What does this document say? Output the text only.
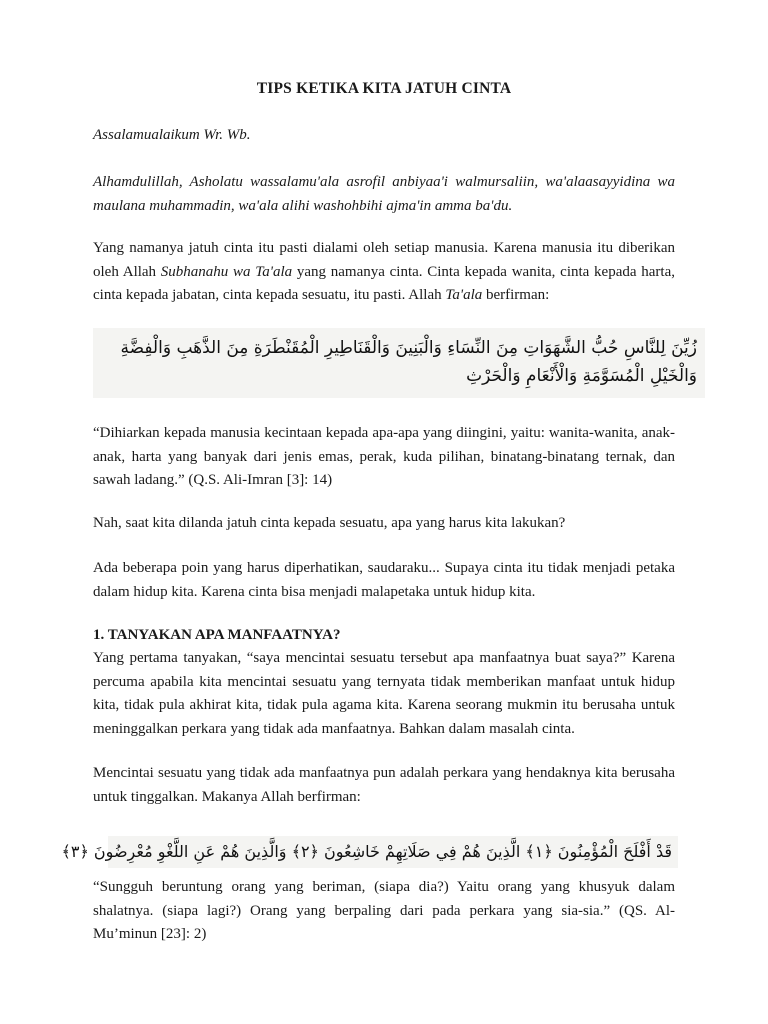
TIPS KETIKA KITA JATUH CINTA
Assalamualaikum Wr. Wb.
Alhamdulillah, Asholatu wassalamu'ala asrofil anbiyaa'i walmursaliin, wa'alaasayyidina wa maulana muhammadin, wa'ala alihi washohbihi ajma'in amma ba'du.
Yang namanya jatuh cinta itu pasti dialami oleh setiap manusia. Karena manusia itu diberikan oleh Allah Subhanahu wa Ta'ala yang namanya cinta. Cinta kepada wanita, cinta kepada harta, cinta kepada jabatan, cinta kepada sesuatu, itu pasti. Allah Ta'ala berfirman:
زُيِّنَ لِلنَّاسِ حُبُّ الشَّهَوَاتِ مِنَ النِّسَاءِ وَالْبَنِينَ وَالْقَنَاطِيرِ الْمُقَنْطَرَةِ مِنَ الذَّهَبِ وَالْفِضَّةِ وَالْخَيْلِ الْمُسَوَّمَةِ وَالْأَنْعَامِ وَالْحَرْثِ
“Dihiarkan kepada manusia kecintaan kepada apa-apa yang diingini, yaitu: wanita-wanita, anak-anak, harta yang banyak dari jenis emas, perak, kuda pilihan, binatang-binatang ternak, dan sawah ladang.” (Q.S. Ali-Imran [3]: 14)
Nah, saat kita dilanda jatuh cinta kepada sesuatu, apa yang harus kita lakukan?
Ada beberapa poin yang harus diperhatikan, saudaraku... Supaya cinta itu tidak menjadi petaka dalam hidup kita. Karena cinta bisa menjadi malapetaka untuk hidup kita.
1. TANYAKAN APA MANFAATNYA?
Yang pertama tanyakan, “saya mencintai sesuatu tersebut apa manfaatnya buat saya?” Karena percuma apabila kita mencintai sesuatu yang ternyata tidak memberikan manfaat untuk hidup kita, tidak pula akhirat kita, tidak pula agama kita. Karena seorang mukmin itu berusaha untuk meninggalkan perkara yang tidak ada manfaatnya. Bahkan dalam masalah cinta.
Mencintai sesuatu yang tidak ada manfaatnya pun adalah perkara yang hendaknya kita berusaha untuk tinggalkan. Makanya Allah berfirman:
قَدْ أَفْلَحَ الْمُؤْمِنُونَ ﴿١﴾ الَّذِينَ هُمْ فِي صَلَاتِهِمْ خَاشِعُونَ ﴿٢﴾ وَالَّذِينَ هُمْ عَنِ اللَّغْوِ مُعْرِضُونَ ﴿٣﴾
“Sungguh beruntung orang yang beriman, (siapa dia?) Yaitu orang yang khusyuk dalam shalatnya. (siapa lagi?) Orang yang berpaling dari pada perkara yang sia-sia.” (QS. Al-Mu’minun [23]: 2)
